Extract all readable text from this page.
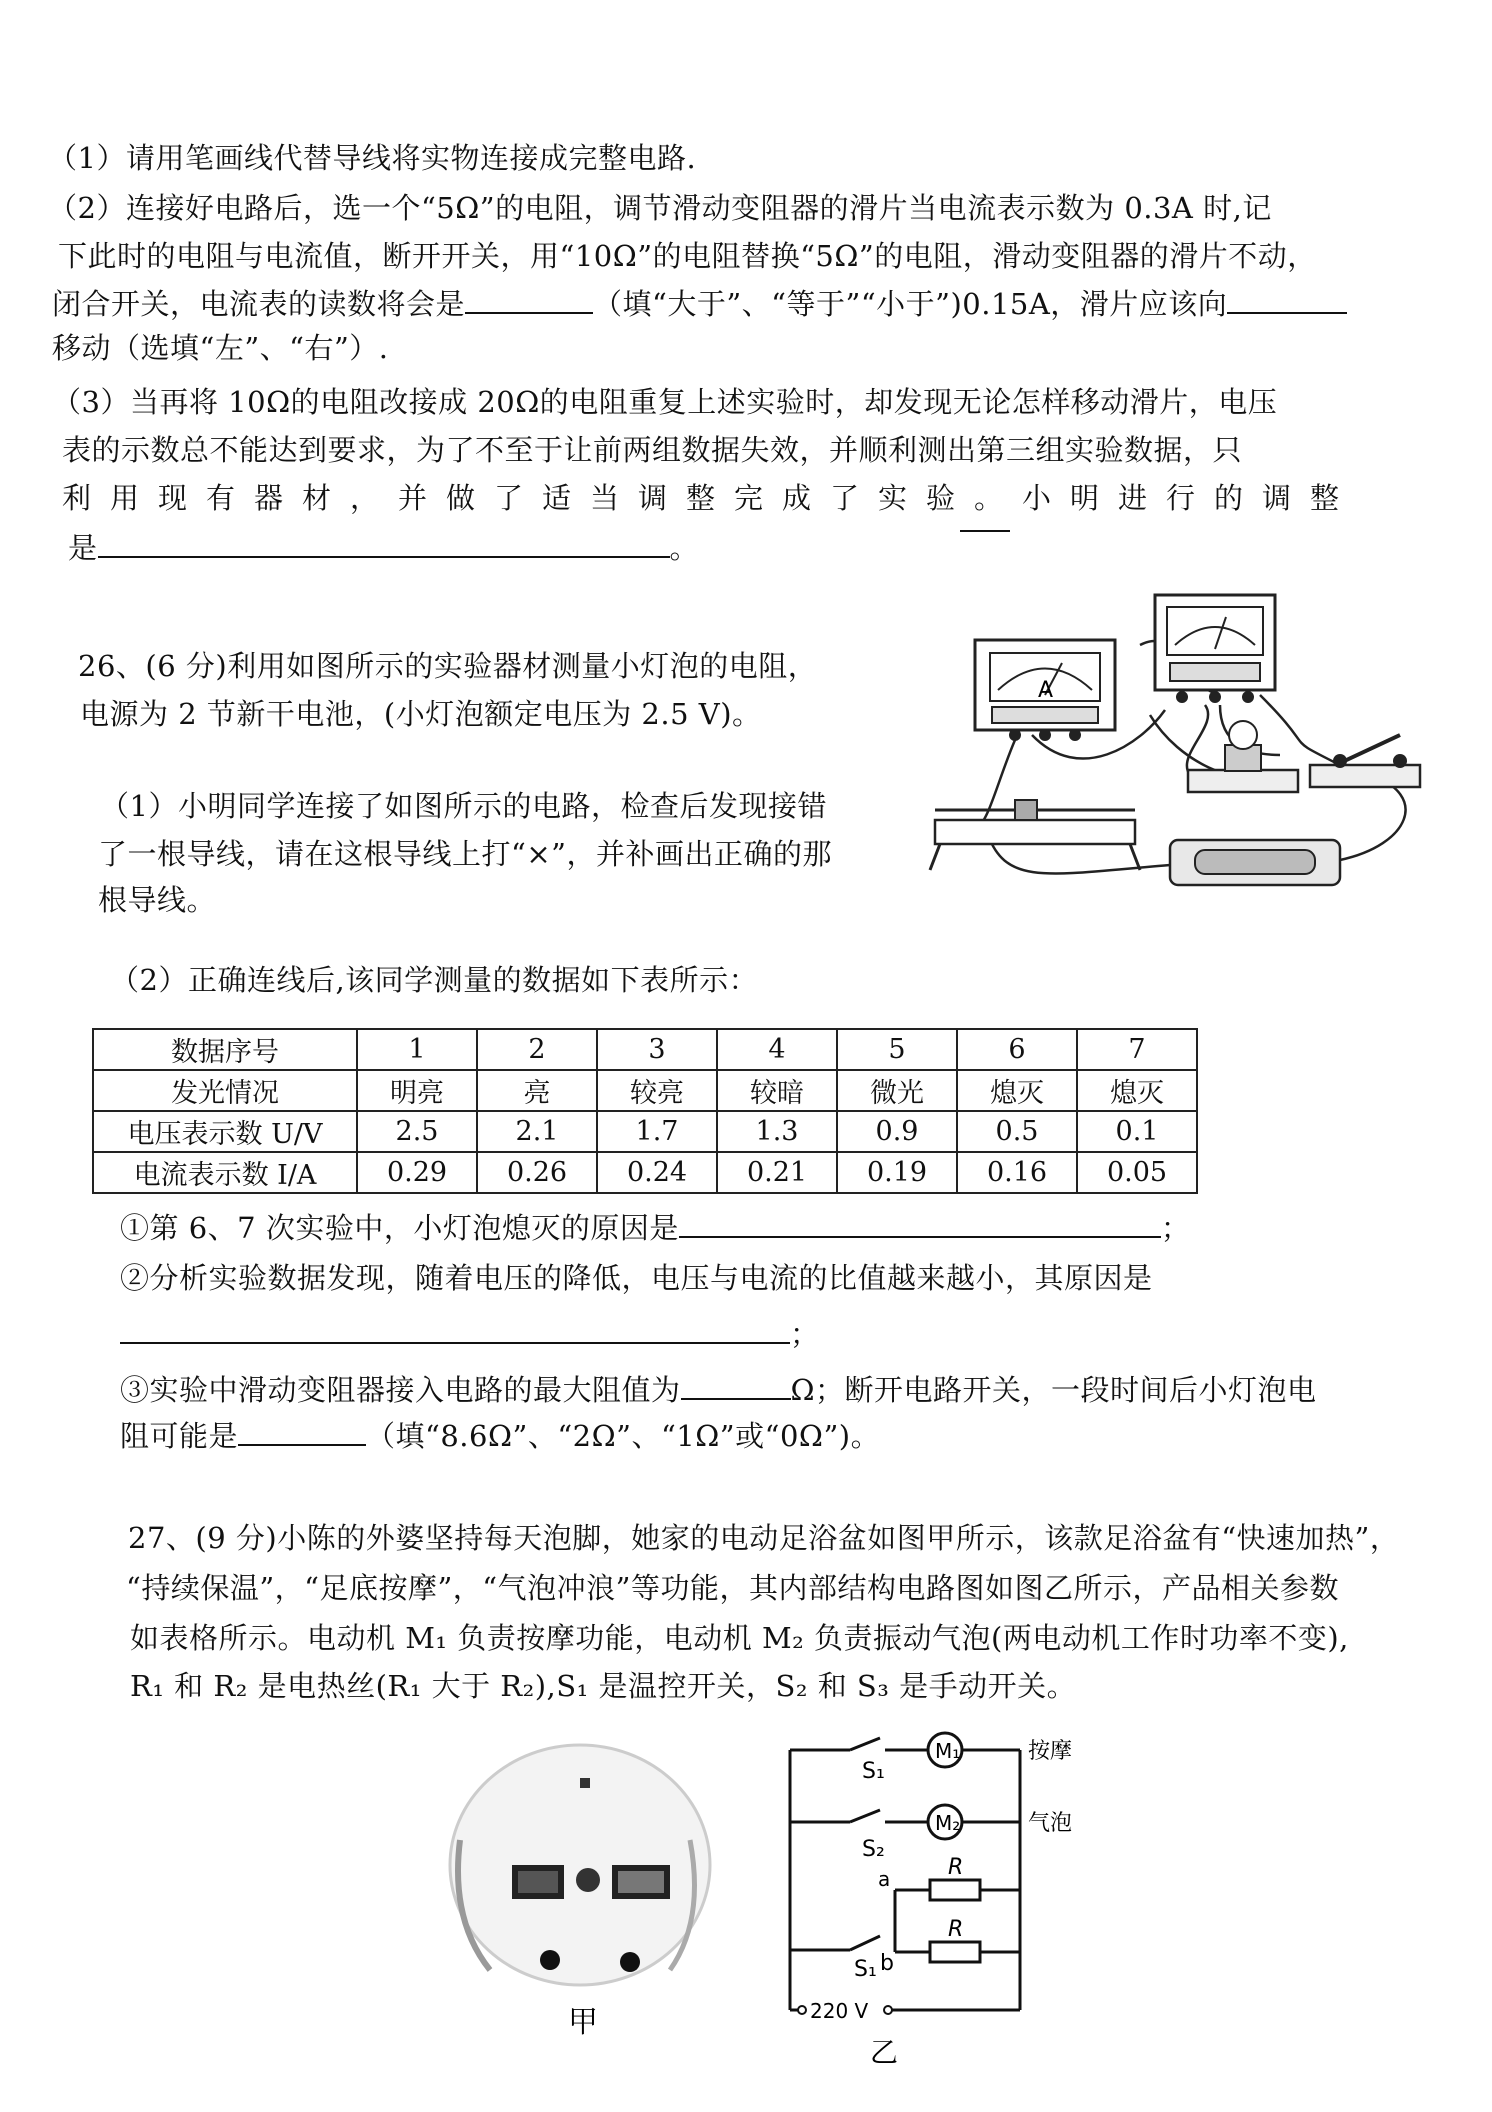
（1）请用笔画线代替导线将实物连接成完整电路.
（2）连接好电路后，选一个“5Ω”的电阻，调节滑动变阻器的滑片当电流表示数为 0.3A 时,记
下此时的电阻与电流值，断开开关，用“10Ω”的电阻替换“5Ω”的电阻，滑动变阻器的滑片不动，
闭合开关，电流表的读数将会是	（填“大于”、“等于”“小于”)0.15A，滑片应该向
移动（选填“左”、“右”）.
（3）当再将 10Ω的电阻改接成 20Ω的电阻重复上述实验时，却发现无论怎样移动滑片，电压
表的示数总不能达到要求，为了不至于让前两组数据失效，并顺利测出第三组实验数据，只
利用现有器材，并做了适当调整完成了实验。小明进行的调整
是	。
26、(6 分)利用如图所示的实验器材测量小灯泡的电阻，
电源为 2 节新干电池，(小灯泡额定电压为 2.5 V)。
（1）小明同学连接了如图所示的电路，检查后发现接错
了一根导线，请在这根导线上打“×”，并补画出正确的那
根导线。
A
（2）正确连线后,该同学测量的数据如下表所示：
数据序号	1	2	3	4	5	6	7
发光情况	明亮	亮	较亮	较暗	微光	熄灭	熄灭
电压表示数 U/V	2.5	2.1	1.7	1.3	0.9	0.5	0.1
电流表示数 I/A	0.29	0.26	0.24	0.21	0.19	0.16	0.05
①第 6、7 次实验中，小灯泡熄灭的原因是	；
②分析实验数据发现，随着电压的降低，电压与电流的比值越来越小，其原因是
；
③实验中滑动变阻器接入电路的最大阻值为	Ω；断开电路开关，一段时间后小灯泡电
阻可能是	（填“8.6Ω”、“2Ω”、“1Ω”或“0Ω”)。
27、(9 分)小陈的外婆坚持每天泡脚，她家的电动足浴盆如图甲所示，该款足浴盆有“快速加热”，
“持续保温”，“足底按摩”，“气泡冲浪”等功能，其内部结构电路图如图乙所示，产品相关参数
如表格所示。电动机 M₁ 负责按摩功能，电动机 M₂ 负责振动气泡(两电动机工作时功率不变),
R₁ 和 R₂ 是电热丝(R₁ 大于 R₂),S₁ 是温控开关，S₂ 和 S₃ 是手动开关。
甲
M₁
S₁
按摩
M₂
S₂
气泡
a
b
R
R
S₁
220 V
乙
